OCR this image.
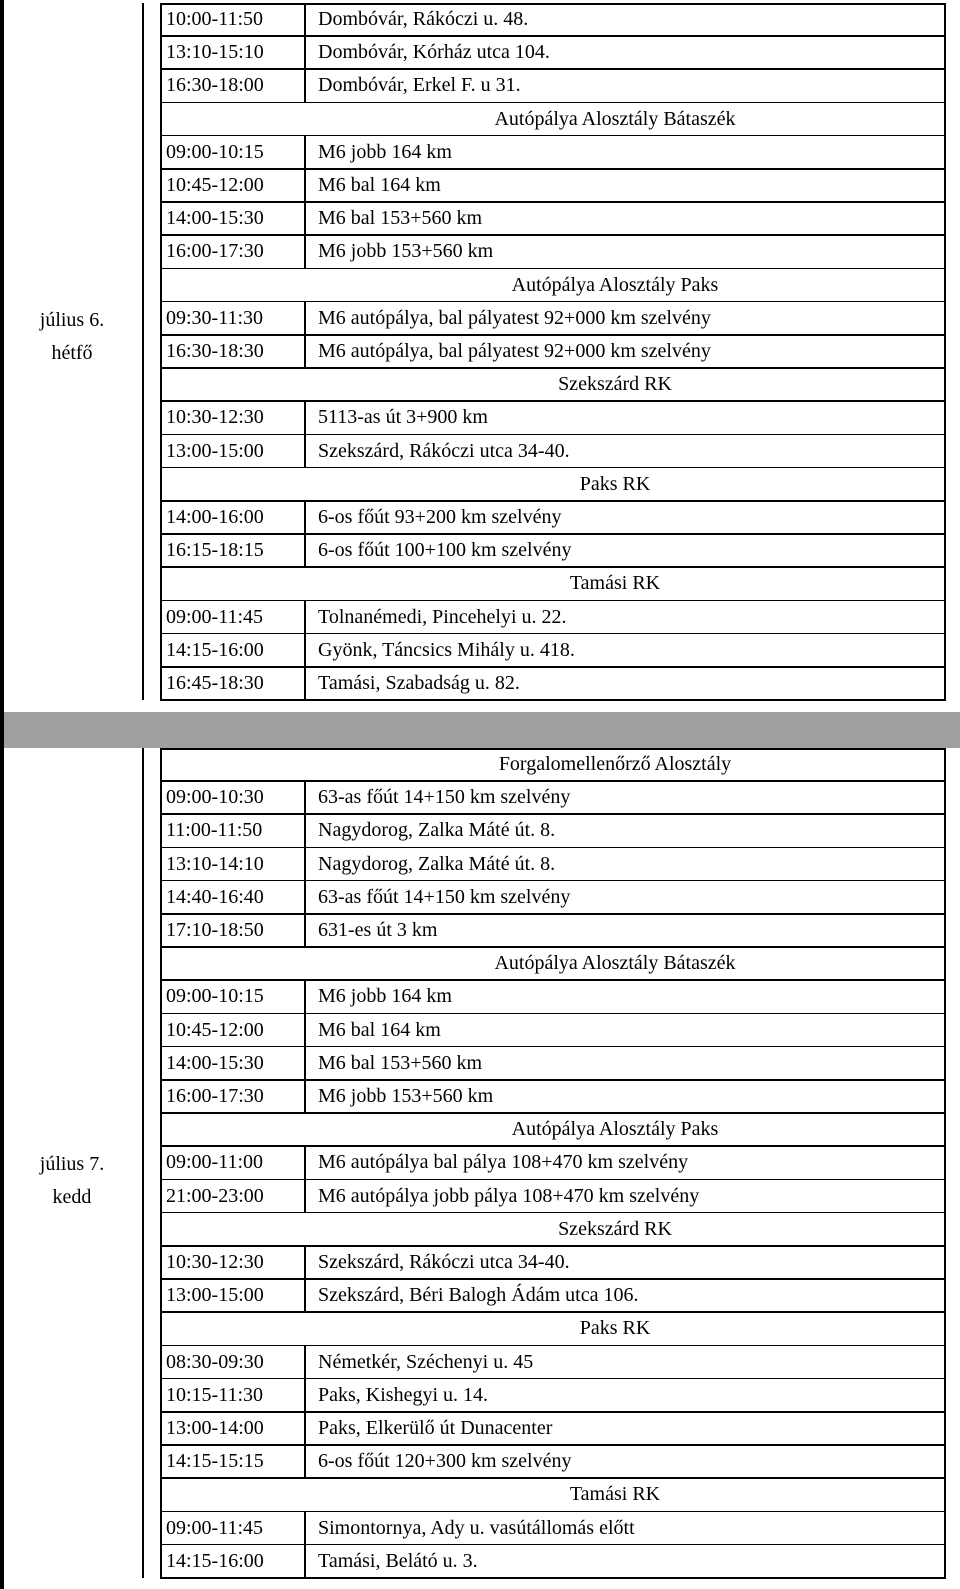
július 6.
hétfő
10:00-11:50	Dombóvár, Rákóczi u. 48.
13:10-15:10	Dombóvár, Kórház utca 104.
16:30-18:00	Dombóvár, Erkel F. u 31.
Autópálya Alosztály Bátaszék
09:00-10:15	M6 jobb 164 km
10:45-12:00	M6 bal 164 km
14:00-15:30	M6 bal 153+560 km
16:00-17:30	M6 jobb 153+560 km
Autópálya Alosztály Paks
09:30-11:30	M6 autópálya, bal pályatest 92+000 km szelvény
16:30-18:30	M6 autópálya, bal pályatest 92+000 km szelvény
Szekszárd RK
10:30-12:30	5113-as út 3+900 km
13:00-15:00	Szekszárd, Rákóczi utca 34-40.
Paks RK
14:00-16:00	6-os főút 93+200 km szelvény
16:15-18:15	6-os főút 100+100 km szelvény
Tamási RK
09:00-11:45	Tolnanémedi, Pincehelyi u. 22.
14:15-16:00	Gyönk, Táncsics Mihály u. 418.
16:45-18:30	Tamási, Szabadság u. 82.
július 7.
kedd
Forgalomellenőrző Alosztály
09:00-10:30	63-as főút 14+150 km szelvény
11:00-11:50	Nagydorog, Zalka Máté út. 8.
13:10-14:10	Nagydorog, Zalka Máté út. 8.
14:40-16:40	63-as főút 14+150 km szelvény
17:10-18:50	631-es út 3 km
Autópálya Alosztály Bátaszék
09:00-10:15	M6 jobb 164 km
10:45-12:00	M6 bal 164 km
14:00-15:30	M6 bal 153+560 km
16:00-17:30	M6 jobb 153+560 km
Autópálya Alosztály Paks
09:00-11:00	M6 autópálya bal pálya 108+470 km szelvény
21:00-23:00	M6 autópálya jobb pálya 108+470 km szelvény
Szekszárd RK
10:30-12:30	Szekszárd, Rákóczi utca 34-40.
13:00-15:00	Szekszárd, Béri Balogh Ádám utca 106.
Paks RK
08:30-09:30	Németkér, Széchenyi u. 45
10:15-11:30	Paks, Kishegyi u. 14.
13:00-14:00	Paks, Elkerülő út Dunacenter
14:15-15:15	6-os főút 120+300 km szelvény
Tamási RK
09:00-11:45	Simontornya, Ady u. vasútállomás előtt
14:15-16:00	Tamási, Belátó u. 3.
